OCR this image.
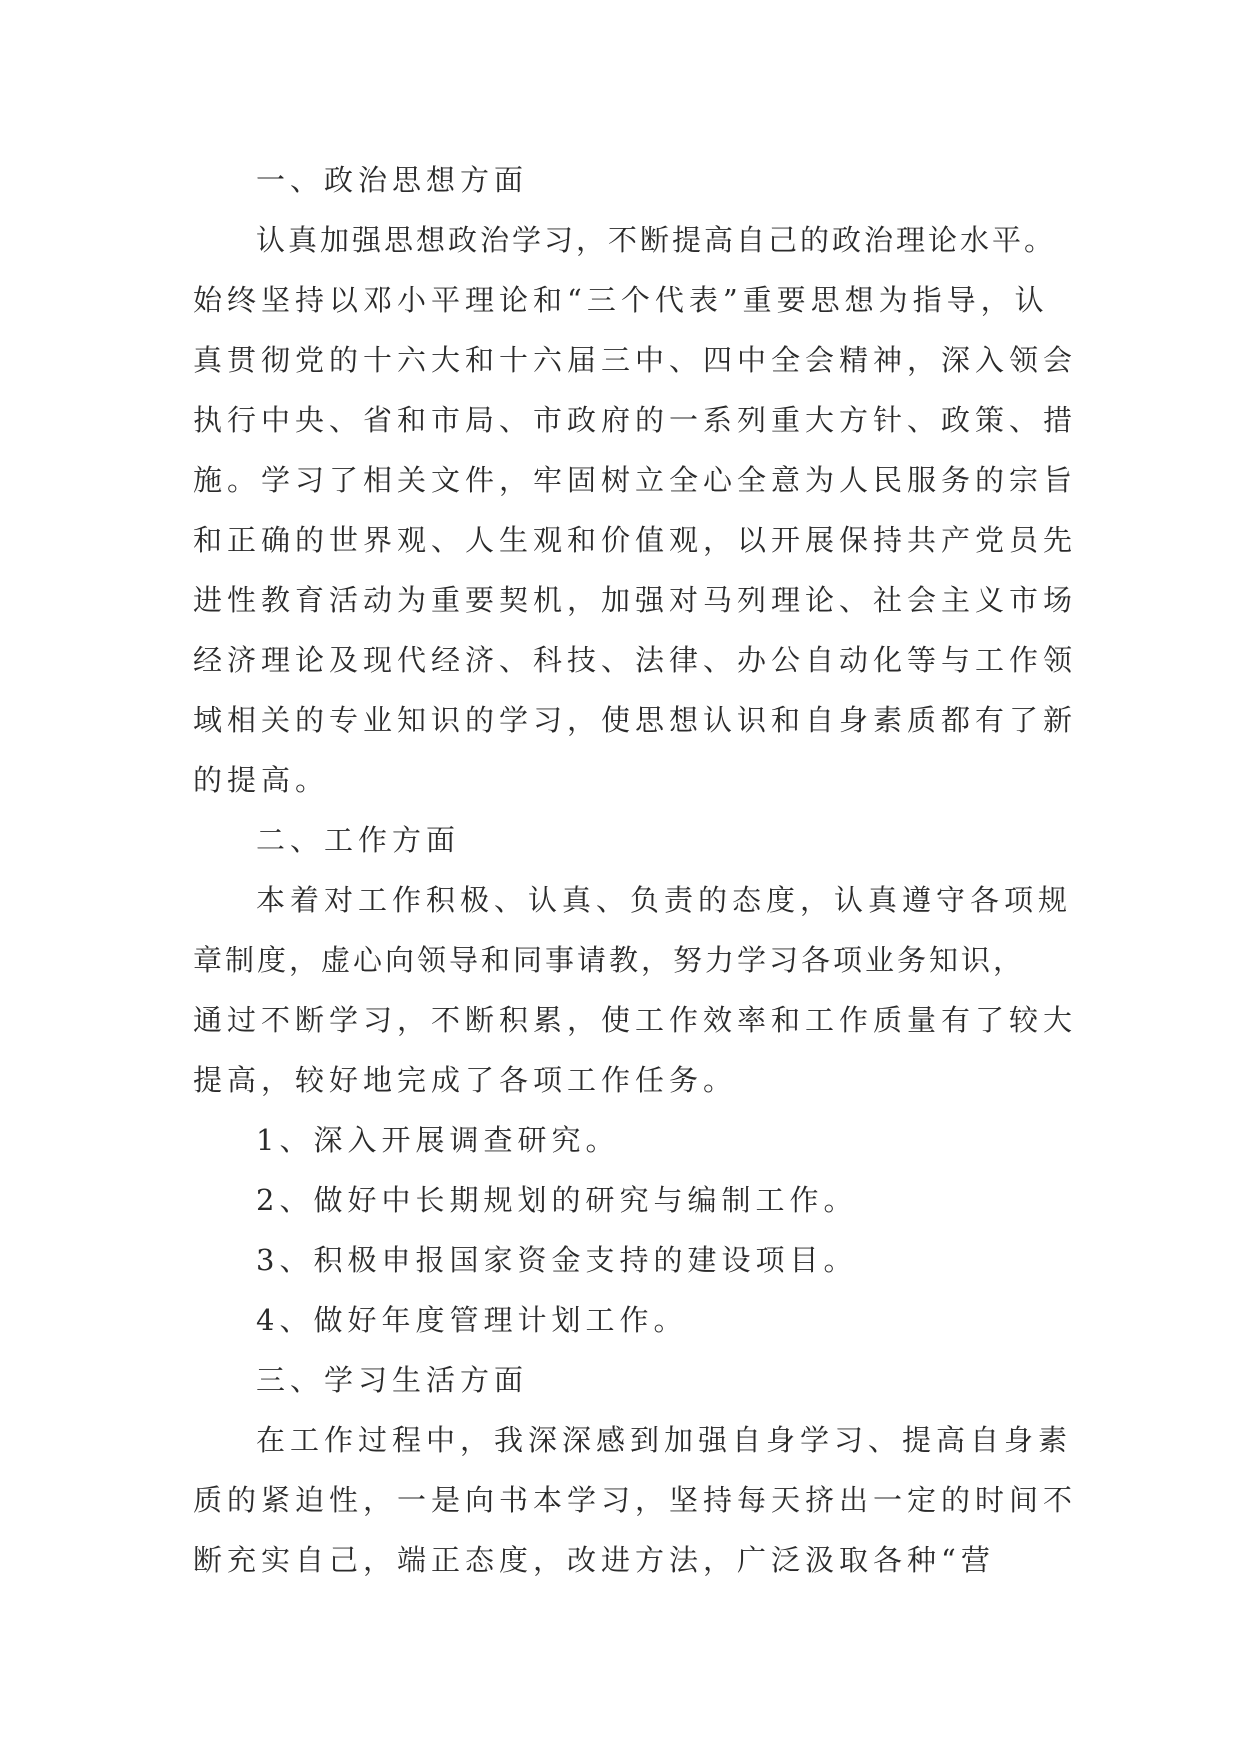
一、政治思想方面
认真加强思想政治学习，不断提高自己的政治理论水平。
始终坚持以邓小平理论和“三个代表”重要思想为指导，认
真贯彻党的十六大和十六届三中、四中全会精神，深入领会
执行中央、省和市局、市政府的一系列重大方针、政策、措
施。学习了相关文件，牢固树立全心全意为人民服务的宗旨
和正确的世界观、人生观和价值观，以开展保持共产党员先
进性教育活动为重要契机，加强对马列理论、社会主义市场
经济理论及现代经济、科技、法律、办公自动化等与工作领
域相关的专业知识的学习，使思想认识和自身素质都有了新
的提高。
二、工作方面
本着对工作积极、认真、负责的态度，认真遵守各项规
章制度，虚心向领导和同事请教，努力学习各项业务知识，
通过不断学习，不断积累，使工作效率和工作质量有了较大
提高，较好地完成了各项工作任务。
1、深入开展调查研究。
2、做好中长期规划的研究与编制工作。
3、积极申报国家资金支持的建设项目。
4、做好年度管理计划工作。
三、学习生活方面
在工作过程中，我深深感到加强自身学习、提高自身素
质的紧迫性，一是向书本学习，坚持每天挤出一定的时间不
断充实自己，端正态度，改进方法，广泛汲取各种“营
